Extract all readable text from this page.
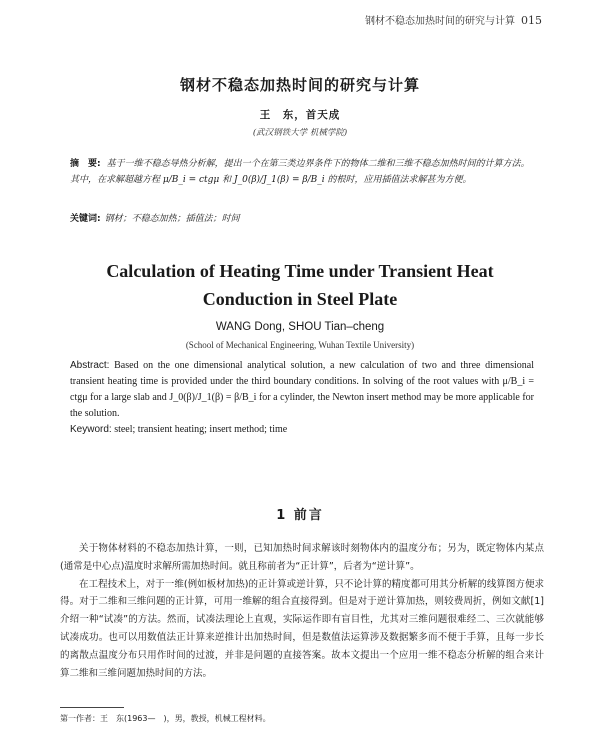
钢材不稳态加热时间的研究与计算 015
钢材不稳态加热时间的研究与计算
王　东，首天成
(武汉钢铁大学 机械学院)
摘　要: 基于一维不稳态导热分析解，提出一个在第三类边界条件下的物体二维和三维不稳态加热时间的计算方法。其中，在求解超越方程 μ/B_i = ctgμ 和 J_0(β)/J_1(β) = β/B_i 的根时，应用插值法求解甚为方便。
关键词: 钢材；不稳态加热；插值法；时间
Calculation of Heating Time under Transient Heat
Conduction in Steel Plate
WANG Dong, SHOU Tian–cheng
(School of Mechanical Engineering, Wuhan Textile University)
Abstract: Based on the one dimensional analytical solution, a new calculation of two and three dimensional transient heating time is provided under the third boundary conditions. In solving of the root values with μ/B_i = ctgμ for a large slab and J_0(β)/J_1(β) = β/B_i for a cylinder, the Newton insert method may be more applicable for the solution.
Keyword: steel; transient heating; insert method; time
1 前言

关于物体材料的不稳态加热计算，一则，已知加热时间求解该时刻物体内的温度分布；另为，既定物体内某点(通常是中心点)温度时求解所需加热时间。就且称前者为“正计算”，后者为“逆计算”。

在工程技术上，对于一维(例如板材加热)的正计算或逆计算，只不论计算的精度都可用其分析解的线算图方便求得。对于二维和三维问题的正计算，可用一维解的组合直接得到。但是对于逆计算加热，则较费周折，例如文献[1]介绍一种“试凑”的方法。然而，试凑法理论上直观，实际运作即有盲目性，尤其对三维问题很难经二、三次就能够试凑成功。也可以用数值法正计算来逆推计出加热时间，但是数值法运算涉及数据繁多而不便于手算，且每一步长的离散点温度分布只用作时间的过渡，并非是问题的直接答案。故本文提出一个应用一维不稳态分析解的组合来计算二维和三维问题加热时间的方法。

第一作者：王　东(1963—　)，男，教授，机械工程材料。
